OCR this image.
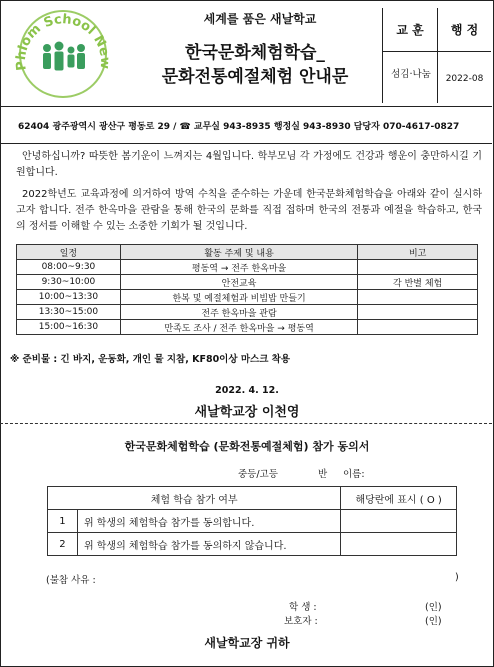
Phlom School New
세계를 품은 새날학교
한국문화체험학습_
문화전통예절체험 안내문
교 훈	행 정
섬김·나눔	2022-08
62404 광주광역시 광산구 평동로 29 / ☎ 교무실 943-8935 행정실 943-8930 담당자 070-4617-0827
안녕하십니까? 따뜻한 봄기운이 느껴지는 4월입니다. 학부모님 각 가정에도 건강과 행운이 충만하시길 기원합니다.
2022학년도 교육과정에 의거하여 방역 수칙을 준수하는 가운데 한국문화체험학습을 아래와 같이 실시하고자 합니다. 전주 한옥마을 관람을 통해 한국의 문화를 직접 접하며 한국의 전통과 예절을 학습하고, 한국의 정서를 이해할 수 있는 소중한 기회가 될 것입니다.
일정	활동 주제 및 내용	비고
08:00~9:30	평동역 → 전주 한옥마을	
9:30~10:00	안전교육	각 반별 체험
10:00~13:30	한복 및 예절체험과 비빔밥 만들기	
13:30~15:00	전주 한옥마을 관람	
15:00~16:30	만족도 조사 / 전주 한옥마을 → 평동역	
※ 준비물 : 긴 바지, 운동화, 개인 물 지참, KF80이상 마스크 착용
2022. 4. 12.
새날학교장 이천영
한국문화체험학습 (문화전통예절체험) 참가 동의서
중등/고등	반 이름:
체험 학습 참가 여부		해당란에 표시 ( O )
1	위 학생의 체험학습 참가를 동의합니다.	
2	위 학생의 체험학습 참가를 동의하지 않습니다.	
(불참 사유 :	)
학 생 :	(인)
보호자 :	(인)
새날학교장 귀하
